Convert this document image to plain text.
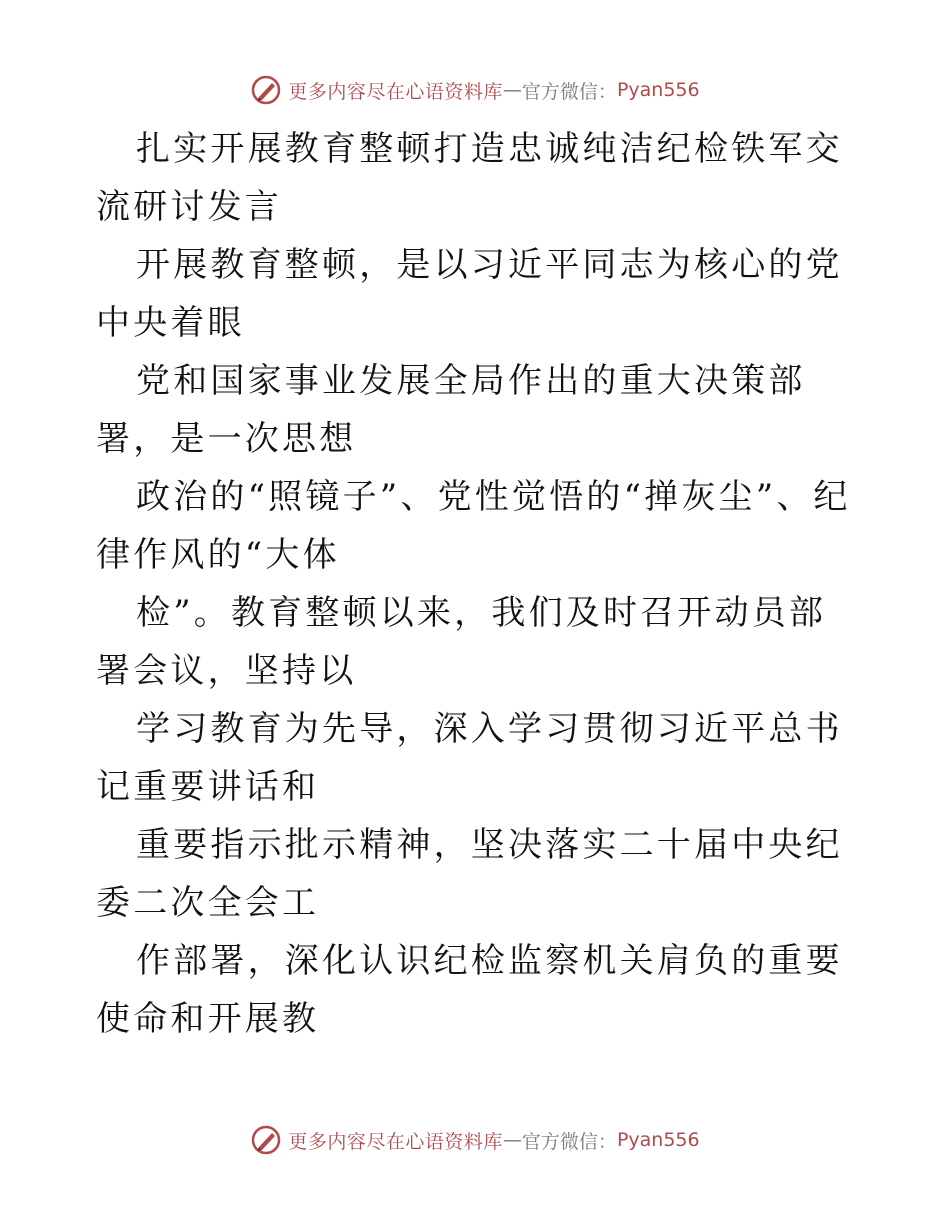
更多内容尽在心语资料库 — 官方微信： Pyan556

扎实开展教育整顿打造忠诚纯洁纪检铁军交流研讨发言

开展教育整顿，是以习近平同志为核心的党中央着眼

党和国家事业发展全局作出的重大决策部署，是一次思想

政治的“照镜子”、党性觉悟的“掸灰尘”、纪律作风的“大体

检”。教育整顿以来，我们及时召开动员部署会议，坚持以

学习教育为先导，深入学习贯彻习近平总书记重要讲话和

重要指示批示精神，坚决落实二十届中央纪委二次全会工

作部署，深化认识纪检监察机关肩负的重要使命和开展教

更多内容尽在心语资料库 — 官方微信： Pyan556
